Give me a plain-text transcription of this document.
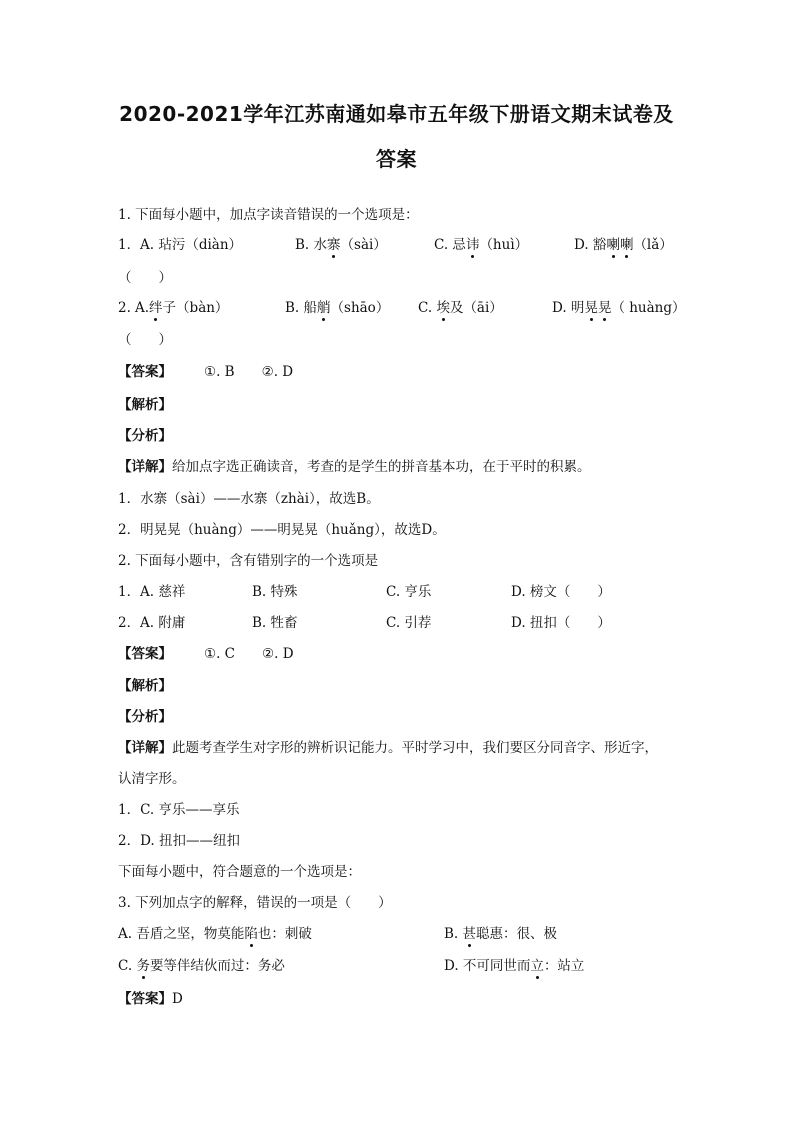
2020-2021学年江苏南通如皋市五年级下册语文期末试卷及
答案
1. 下面每小题中，加点字读音错误的一个选项是：
1． A. 玷污（diàn）	B. 水寨（sài）	C. 忌讳（huì）	D. 豁喇喇（lǎ）
（　　）
2. A.绊子（bàn）	B. 船艄（shāo） C. 埃及（āi）	D. 明晃晃（ huàng）
（　　）
【答案】 ①. B　　②. D
【解析】
【分析】
【详解】给加点字选正确读音，考查的是学生的拼音基本功，在于平时的积累。
1．水寨（sài）——水寨（zhài），故选B。
2．明晃晃（huàng）——明晃晃（huǎng），故选D。
2. 下面每小题中，含有错别字的一个选项是
1． A. 慈祥	B. 特殊	C. 亨乐	D. 榜文（　　）
2． A. 附庸	B. 牲畜	C. 引荐	D. 扭扣（　　）
【答案】 ①. C　　②. D
【解析】
【分析】
【详解】此题考查学生对字形的辨析识记能力。平时学习中，我们要区分同音字、形近字，
认清字形。
1．C. 亨乐——享乐
2．D. 扭扣——纽扣
下面每小题中，符合题意的一个选项是：
3. 下列加点字的解释，错误的一项是（　　）
A. 吾盾之坚，物莫能陷也：刺破	B. 甚聪惠：很、极
C. 务要等伴结伙而过：务必	D. 不可同世而立：站立
【答案】D
